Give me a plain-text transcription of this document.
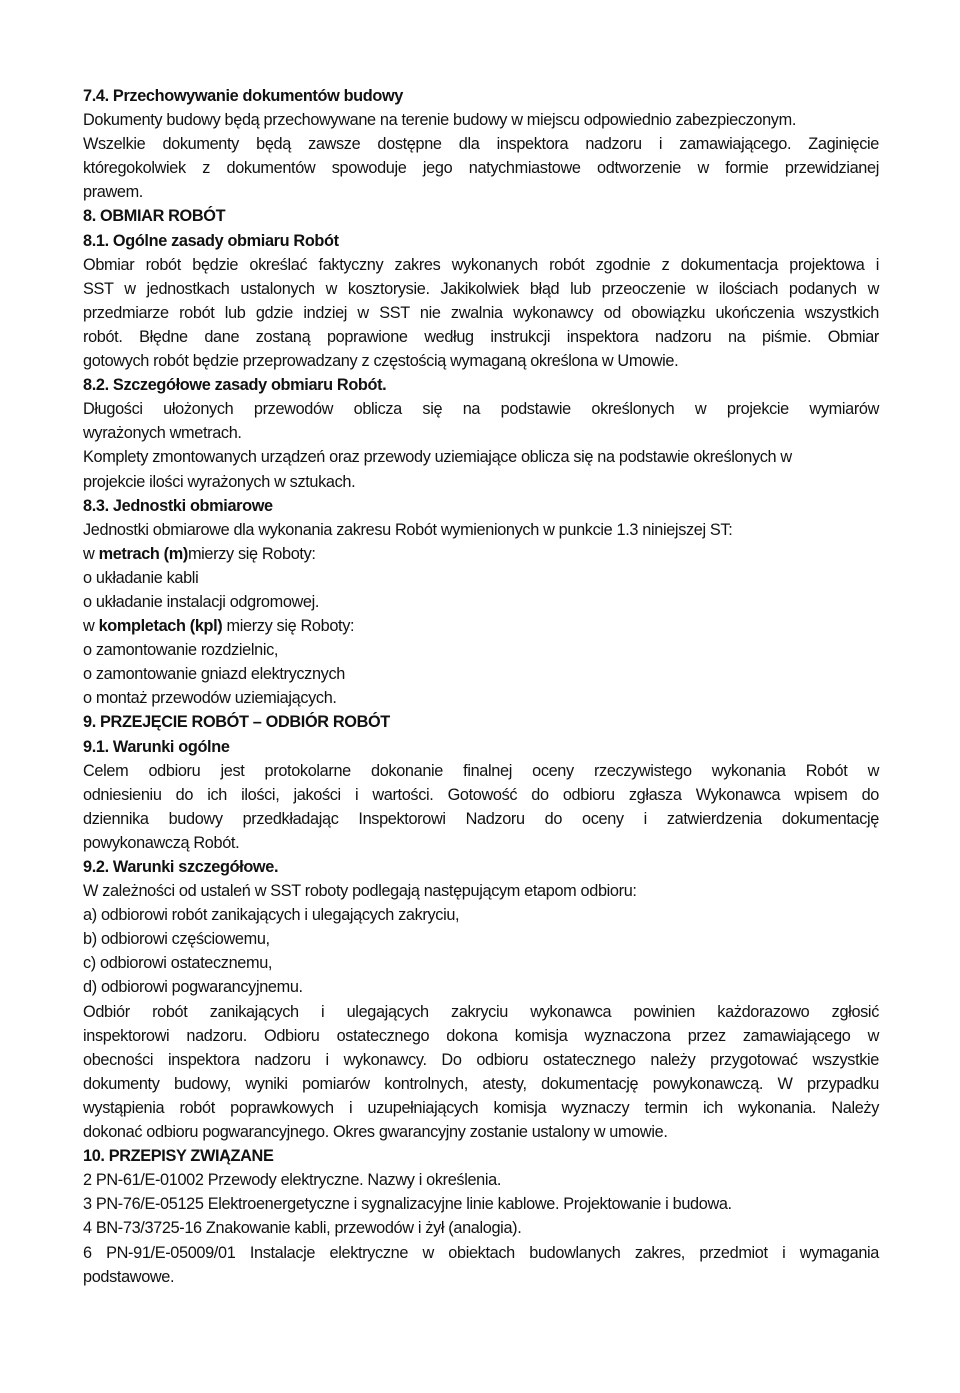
7.4. Przechowywanie dokumentów budowy
Dokumenty budowy będą przechowywane na terenie budowy w miejscu odpowiednio zabezpieczonym.
Wszelkie dokumenty będą zawsze dostępne dla inspektora nadzoru i zamawiającego. Zaginięcie
któregokolwiek z dokumentów spowoduje jego natychmiastowe odtworzenie w formie przewidzianej
prawem.
8. OBMIAR ROBÓT
8.1. Ogólne zasady obmiaru Robót
Obmiar robót będzie określać faktyczny zakres wykonanych robót zgodnie z dokumentacja projektowa i
SST w jednostkach ustalonych w kosztorysie. Jakikolwiek błąd lub przeoczenie w ilościach podanych w
przedmiarze robót lub gdzie indziej w SST nie zwalnia wykonawcy od obowiązku ukończenia wszystkich
robót. Błędne dane zostaną poprawione według instrukcji inspektora nadzoru na piśmie. Obmiar
gotowych robót będzie przeprowadzany z częstością wymaganą określona w Umowie.
8.2. Szczegółowe zasady obmiaru Robót.
Długości ułożonych przewodów oblicza się na podstawie określonych w projekcie wymiarów
wyrażonych wmetrach.
Komplety zmontowanych urządzeń oraz przewody uziemiające oblicza się na podstawie określonych w
projekcie ilości wyrażonych w sztukach.
8.3. Jednostki obmiarowe
Jednostki obmiarowe dla wykonania zakresu Robót wymienionych w punkcie 1.3 niniejszej ST:
w metrach (m)mierzy się Roboty:
o układanie kabli
o układanie instalacji odgromowej.
w kompletach (kpl) mierzy się Roboty:
o zamontowanie rozdzielnic,
o zamontowanie gniazd elektrycznych
o montaż przewodów uziemiających.
9. PRZEJĘCIE ROBÓT – ODBIÓR ROBÓT
9.1. Warunki ogólne
Celem odbioru jest protokolarne dokonanie finalnej oceny rzeczywistego wykonania Robót w
odniesieniu do ich ilości, jakości i wartości. Gotowość do odbioru zgłasza Wykonawca wpisem do
dziennika budowy przedkładając Inspektorowi Nadzoru do oceny i zatwierdzenia dokumentację
powykonawczą Robót.
9.2. Warunki szczegółowe.
W zależności od ustaleń w SST roboty podlegają następującym etapom odbioru:
a) odbiorowi robót zanikających i ulegających zakryciu,
b) odbiorowi częściowemu,
c) odbiorowi ostatecznemu,
d) odbiorowi pogwarancyjnemu.
Odbiór robót zanikających i ulegających zakryciu wykonawca powinien każdorazowo zgłosić
inspektorowi nadzoru. Odbioru ostatecznego dokona komisja wyznaczona przez zamawiającego w
obecności inspektora nadzoru i wykonawcy. Do odbioru ostatecznego należy przygotować wszystkie
dokumenty budowy, wyniki pomiarów kontrolnych, atesty, dokumentację powykonawczą. W przypadku
wystąpienia robót poprawkowych i uzupełniających komisja wyznaczy termin ich wykonania. Należy
dokonać odbioru pogwarancyjnego. Okres gwarancyjny zostanie ustalony w umowie.
10. PRZEPISY ZWIĄZANE
2 PN-61/E-01002 Przewody elektryczne. Nazwy i określenia.
3 PN-76/E-05125 Elektroenergetyczne i sygnalizacyjne linie kablowe. Projektowanie i budowa.
4 BN-73/3725-16 Znakowanie kabli, przewodów i żył (analogia).
6 PN-91/E-05009/01 Instalacje elektryczne w obiektach budowlanych zakres, przedmiot i wymagania
podstawowe.
